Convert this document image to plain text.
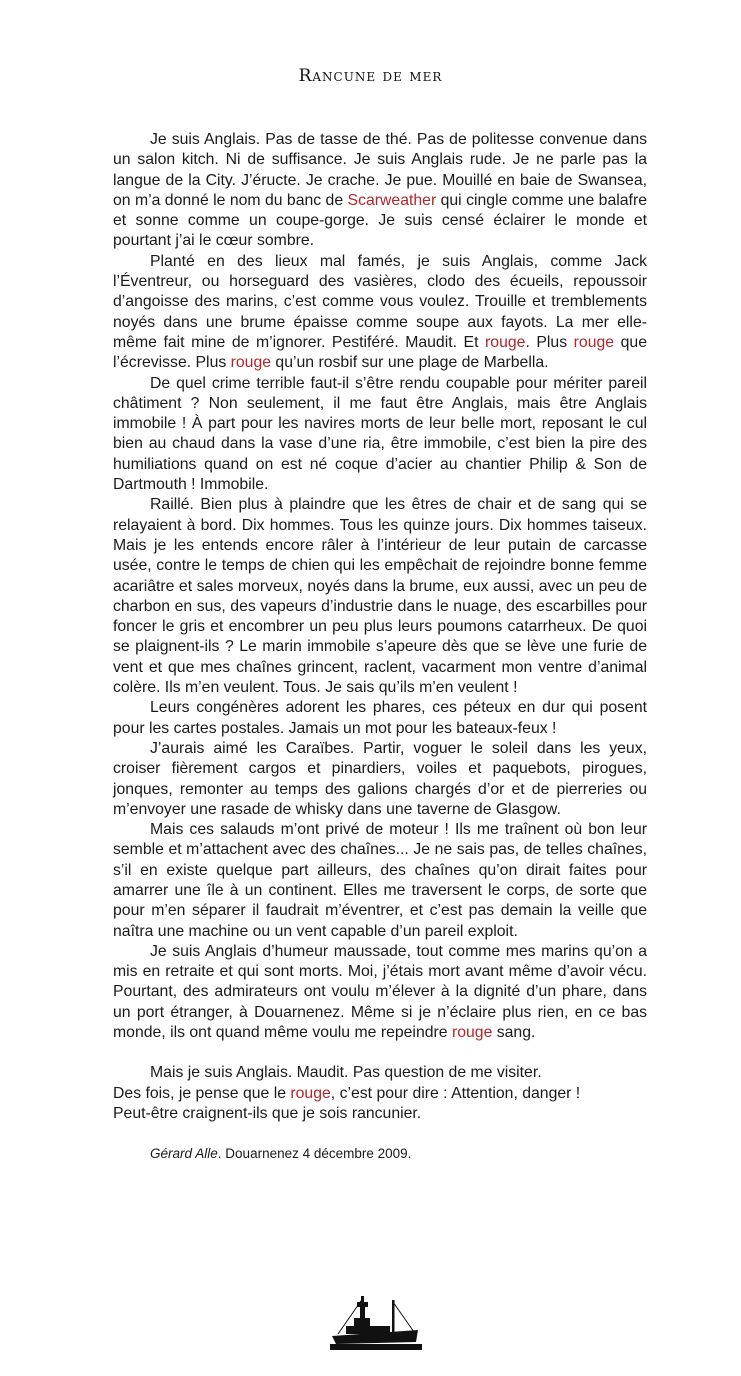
Rancune de mer

Je suis Anglais. Pas de tasse de thé. Pas de politesse convenue dans un salon kitch. Ni de suffisance. Je suis Anglais rude. Je ne parle pas la langue de la City. J’éructe. Je crache. Je pue. Mouillé en baie de Swansea, on m’a donné le nom du banc de Scarweather qui cingle comme une balafre et sonne comme un coupe-gorge. Je suis censé éclairer le monde et pourtant j’ai le cœur sombre.

Planté en des lieux mal famés, je suis Anglais, comme Jack l’Éventreur, ou horseguard des vasières, clodo des écueils, repoussoir d’angoisse des marins, c’est comme vous voulez. Trouille et tremblements noyés dans une brume épaisse comme soupe aux fayots. La mer elle-même fait mine de m’ignorer. Pestiféré. Maudit. Et rouge. Plus rouge que l’écrevisse. Plus rouge qu’un rosbif sur une plage de Marbella.

De quel crime terrible faut-il s’être rendu coupable pour mériter pareil châtiment ? Non seulement, il me faut être Anglais, mais être Anglais immobile ! À part pour les navires morts de leur belle mort, reposant le cul bien au chaud dans la vase d’une ria, être immobile, c’est bien la pire des humiliations quand on est né coque d’acier au chantier Philip & Son de Dartmouth ! Immobile.

Raillé. Bien plus à plaindre que les êtres de chair et de sang qui se relayaient à bord. Dix hommes. Tous les quinze jours. Dix hommes taiseux. Mais je les entends encore râler à l’intérieur de leur putain de carcasse usée, contre le temps de chien qui les empêchait de rejoindre bonne femme acariâtre et sales morveux, noyés dans la brume, eux aussi, avec un peu de charbon en sus, des vapeurs d’industrie dans le nuage, des escarbilles pour foncer le gris et encombrer un peu plus leurs poumons catarrheux. De quoi se plaignent-ils ? Le marin immobile s’apeure dès que se lève une furie de vent et que mes chaînes grincent, raclent, vacarment mon ventre d’animal colère. Ils m’en veulent. Tous. Je sais qu’ils m’en veulent !

Leurs congénères adorent les phares, ces péteux en dur qui posent pour les cartes postales. Jamais un mot pour les bateaux-feux !

J’aurais aimé les Caraïbes. Partir, voguer le soleil dans les yeux, croiser fièrement cargos et pinardiers, voiles et paquebots, pirogues, jonques, remonter au temps des galions chargés d’or et de pierreries ou m’envoyer une rasade de whisky dans une taverne de Glasgow.

Mais ces salauds m’ont privé de moteur ! Ils me traînent où bon leur semble et m’attachent avec des chaînes... Je ne sais pas, de telles chaînes, s’il en existe quelque part ailleurs, des chaînes qu’on dirait faites pour amarrer une île à un continent. Elles me traversent le corps, de sorte que pour m’en séparer il faudrait m’éventrer, et c’est pas demain la veille que naîtra une machine ou un vent capable d’un pareil exploit.

Je suis Anglais d’humeur maussade, tout comme mes marins qu’on a mis en retraite et qui sont morts. Moi, j’étais mort avant même d’avoir vécu. Pourtant, des admirateurs ont voulu m’élever à la dignité d’un phare, dans un port étranger, à Douarnenez. Même si je n’éclaire plus rien, en ce bas monde, ils ont quand même voulu me repeindre rouge sang.

Mais je suis Anglais. Maudit. Pas question de me visiter.

Des fois, je pense que le rouge, c’est pour dire : Attention, danger !

Peut-être craignent-ils que je sois rancunier.

Gérard Alle. Douarnenez 4 décembre 2009.
